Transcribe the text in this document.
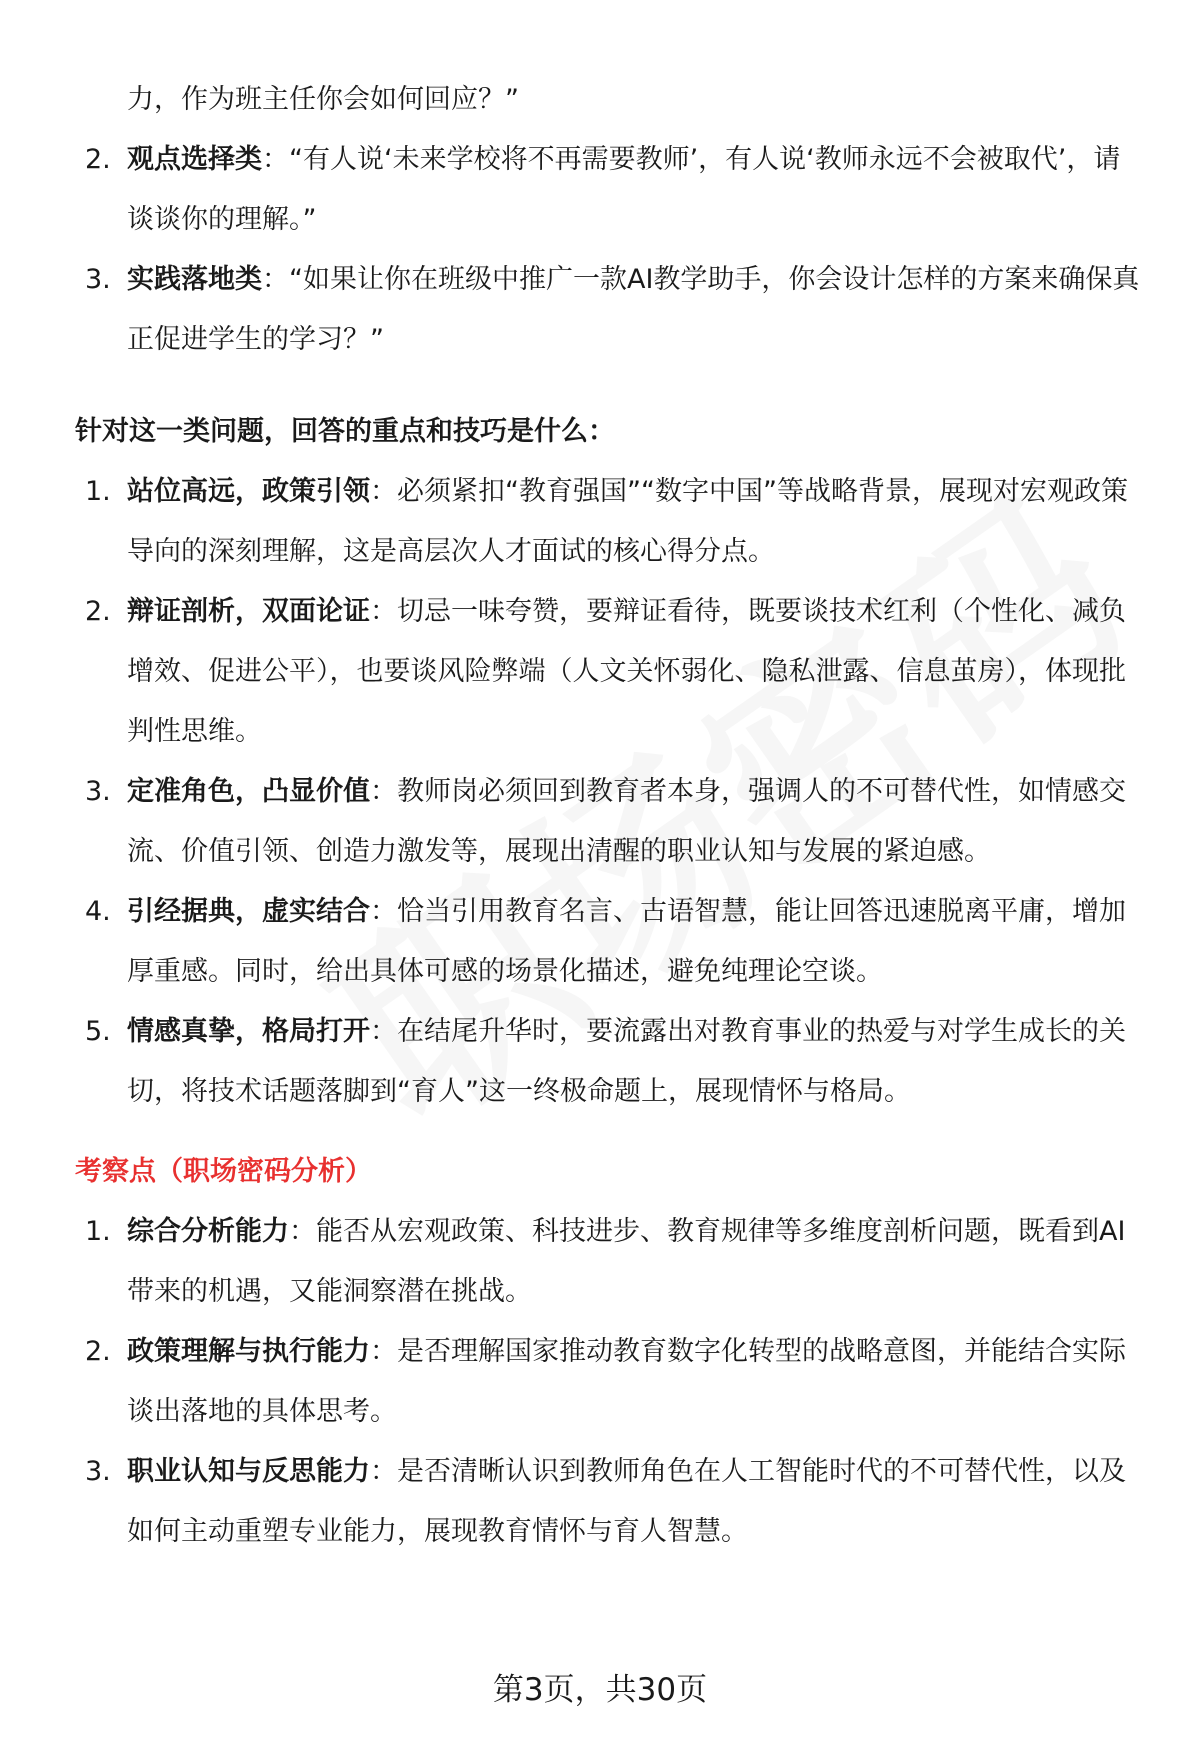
力，作为班主任你会如何回应？”
2. 观点选择类：“有人说‘未来学校将不再需要教师’，有人说‘教师永远不会被取代’，请谈谈你的理解。”
3. 实践落地类：“如果让你在班级中推广一款AI教学助手，你会设计怎样的方案来确保真正促进学生的学习？”
针对这一类问题，回答的重点和技巧是什么：
1. 站位高远，政策引领：必须紧扣“教育强国”“数字中国”等战略背景，展现对宏观政策导向的深刻理解，这是高层次人才面试的核心得分点。
2. 辩证剖析，双面论证：切忌一味夸赞，要辩证看待，既要谈技术红利（个性化、减负增效、促进公平），也要谈风险弊端（人文关怀弱化、隐私泄露、信息茧房），体现批判性思维。
3. 定准角色，凸显价值：教师岗必须回到教育者本身，强调人的不可替代性，如情感交流、价值引领、创造力激发等，展现出清醒的职业认知与发展的紧迫感。
4. 引经据典，虚实结合：恰当引用教育名言、古语智慧，能让回答迅速脱离平庸，增加厚重感。同时，给出具体可感的场景化描述，避免纯理论空谈。
5. 情感真挚，格局打开：在结尾升华时，要流露出对教育事业的热爱与对学生成长的关切，将技术话题落脚到“育人”这一终极命题上，展现情怀与格局。
考察点（职场密码分析）
1. 综合分析能力：能否从宏观政策、科技进步、教育规律等多维度剖析问题，既看到AI带来的机遇，又能洞察潜在挑战。
2. 政策理解与执行能力：是否理解国家推动教育数字化转型的战略意图，并能结合实际谈出落地的具体思考。
3. 职业认知与反思能力：是否清晰认识到教师角色在人工智能时代的不可替代性，以及如何主动重塑专业能力，展现教育情怀与育人智慧。
第3页，共30页
